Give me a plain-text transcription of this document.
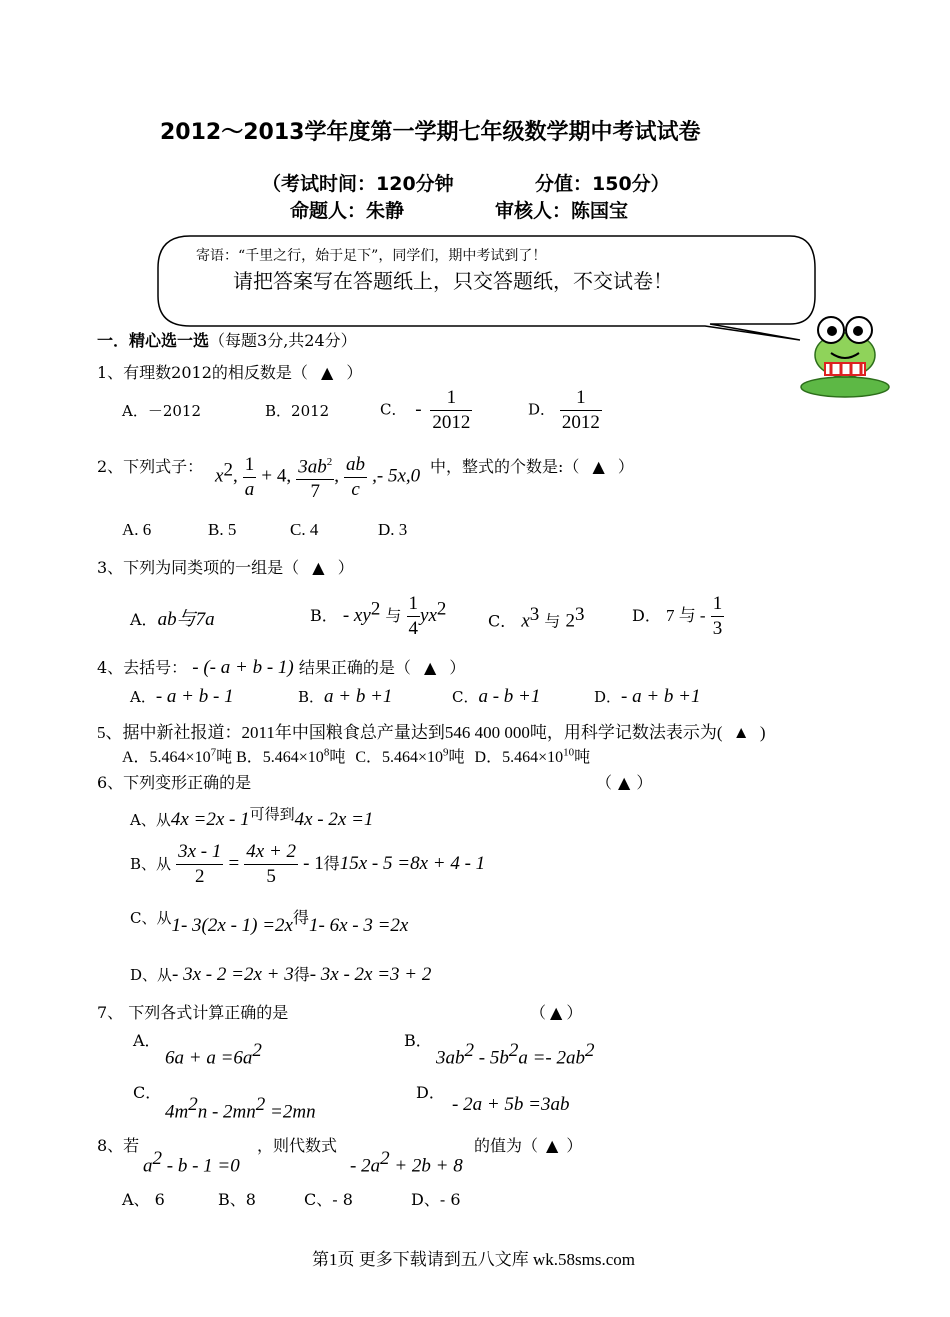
2012～2013学年度第一学期七年级数学期中考试试卷
（考试时间：120分钟	分值：150分）
命题人：朱静	审核人：陈国宝
寄语：“千里之行，始于足下”，同学们，期中考试到了！
请把答案写在答题纸上，只交答题纸，不交试卷！
一．精心选一选（每题3分,共24分）
1、有理数2012的相反数是（ ▲ ）
A．－2012	B．2012	C． - $\frac{1}{2012}$	D． $\frac{1}{2012}$
2、下列式子： $x^2$, $\frac{1}{a} + 4$, $\frac{3ab^2}{7}$ , $\frac{ab}{c}$ ,- 5x,0 中，整式的个数是:（ ▲ ）
A. 6	B. 5	C. 4	D. 3
3、下列为同类项的一组是（ ▲ ）
A．ab与7a	B． - $xy^2$ 与 $\frac{1}{4} yx^2$
C． $x^3$ 与 $2^3$	D． 7 与 - $\frac{1}{3}$
4、去括号： - (- a + b - 1) 结果正确的是（ ▲ ）
A．- a + b - 1	B．a + b +1	C．a - b +1	D．- a + b +1
5、据中新社报道：2011年中国粮食总产量达到546 400 000吨，用科学记数法表示为( ▲ )
A．$5.464\times 10^7$吨 B．$5.464\times 10^8$吨 C．$5.464\times 10^9$吨 D．$5.464\times 10^{10}$吨
6、下列变形正确的是	（ ▲ ）
A、从4x =2x - 1可得到4x - 2x =1
B、从 $\frac{3x - 1}{2} = \frac{4x + 2}{5} - 1$得15x - 5 =8x + 4 - 1
C、从1- 3(2x - 1) =2x得1- 6x - 3 =2x
D、从- 3x - 2 =2x + 3得- 3x - 2x =3 + 2
7、 下列各式计算正确的是	（ ▲ ）
A．
$6a + a =6a^2$	B．
$3ab^2 - 5b^2a =- 2ab^2$
C．
$4m^2n - 2mn^2 =2mn$
D．
- 2a + 5b =3ab
8、若
$a^2 - b - 1 =0$
，则代数式
- $2a^2 + 2b + 8$
的值为（ ▲ ）
A、 6	B、8	C、- 8	D、- 6
第1页 更多下载请到五八文库 wk.58sms.com
